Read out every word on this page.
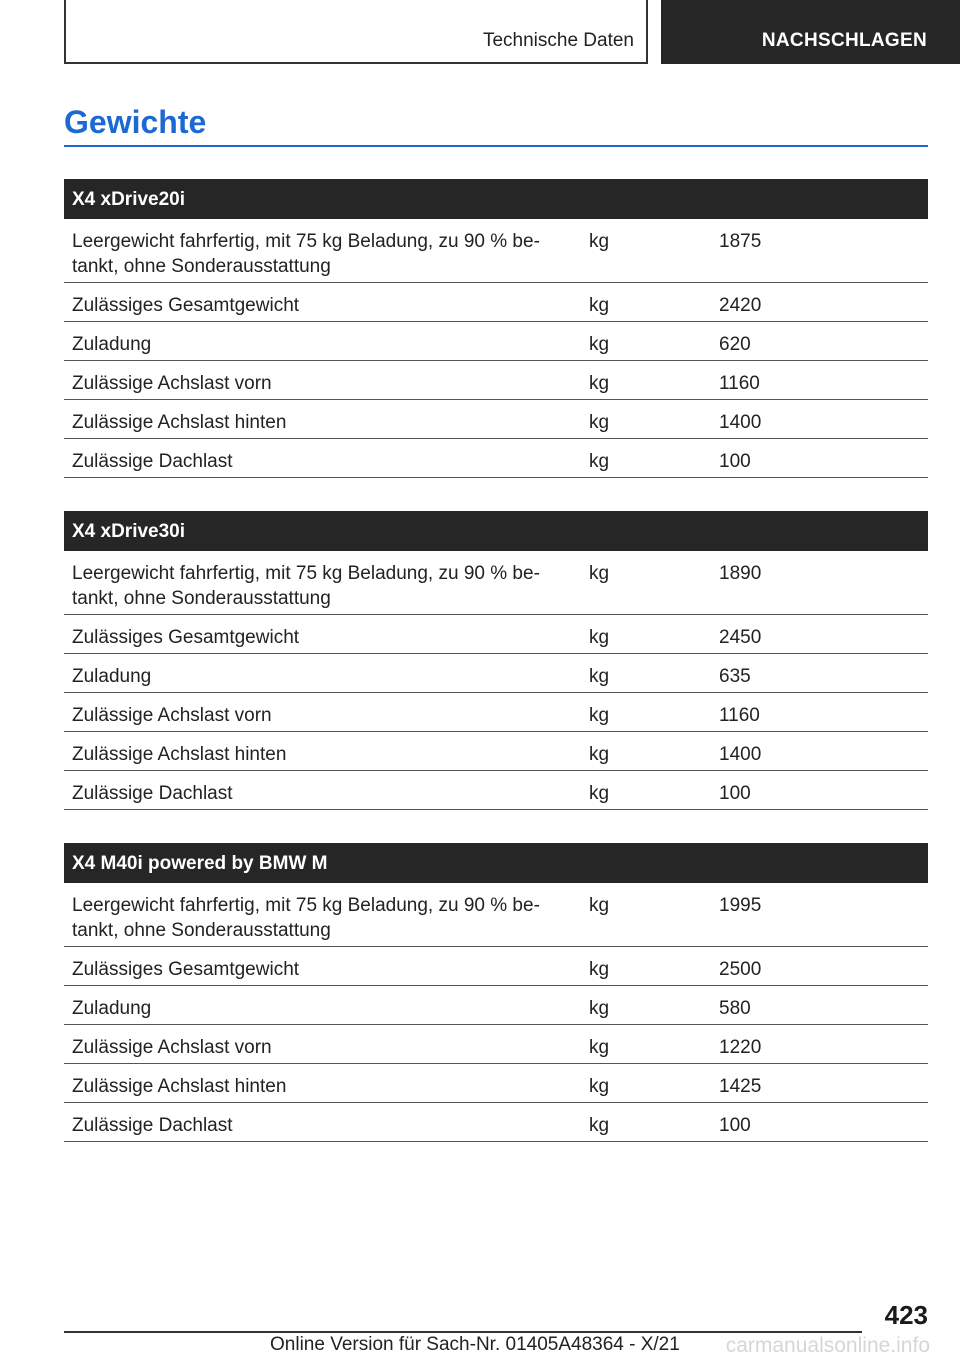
Technische Daten	NACHSCHLAGEN
Gewichte
X4 xDrive20i
Leergewicht fahrfertig, mit 75 kg Beladung, zu 90 % betankt, ohne Sonderausstattung
kg	1875
Zulässiges Gesamtgewicht	kg	2420
Zuladung	kg	620
Zulässige Achslast vorn	kg	1160
Zulässige Achslast hinten	kg	1400
Zulässige Dachlast	kg	100
X4 xDrive30i
Leergewicht fahrfertig, mit 75 kg Beladung, zu 90 % betankt, ohne Sonderausstattung
kg	1890
Zulässiges Gesamtgewicht	kg	2450
Zuladung	kg	635
Zulässige Achslast vorn	kg	1160
Zulässige Achslast hinten	kg	1400
Zulässige Dachlast	kg	100
X4 M40i powered by BMW M
Leergewicht fahrfertig, mit 75 kg Beladung, zu 90 % betankt, ohne Sonderausstattung
kg	1995
Zulässiges Gesamtgewicht	kg	2500
Zuladung	kg	580
Zulässige Achslast vorn	kg	1220
Zulässige Achslast hinten	kg	1425
Zulässige Dachlast	kg	100
423
Online Version für Sach-Nr. 01405A48364 - X/21 carmanualsonline.info
